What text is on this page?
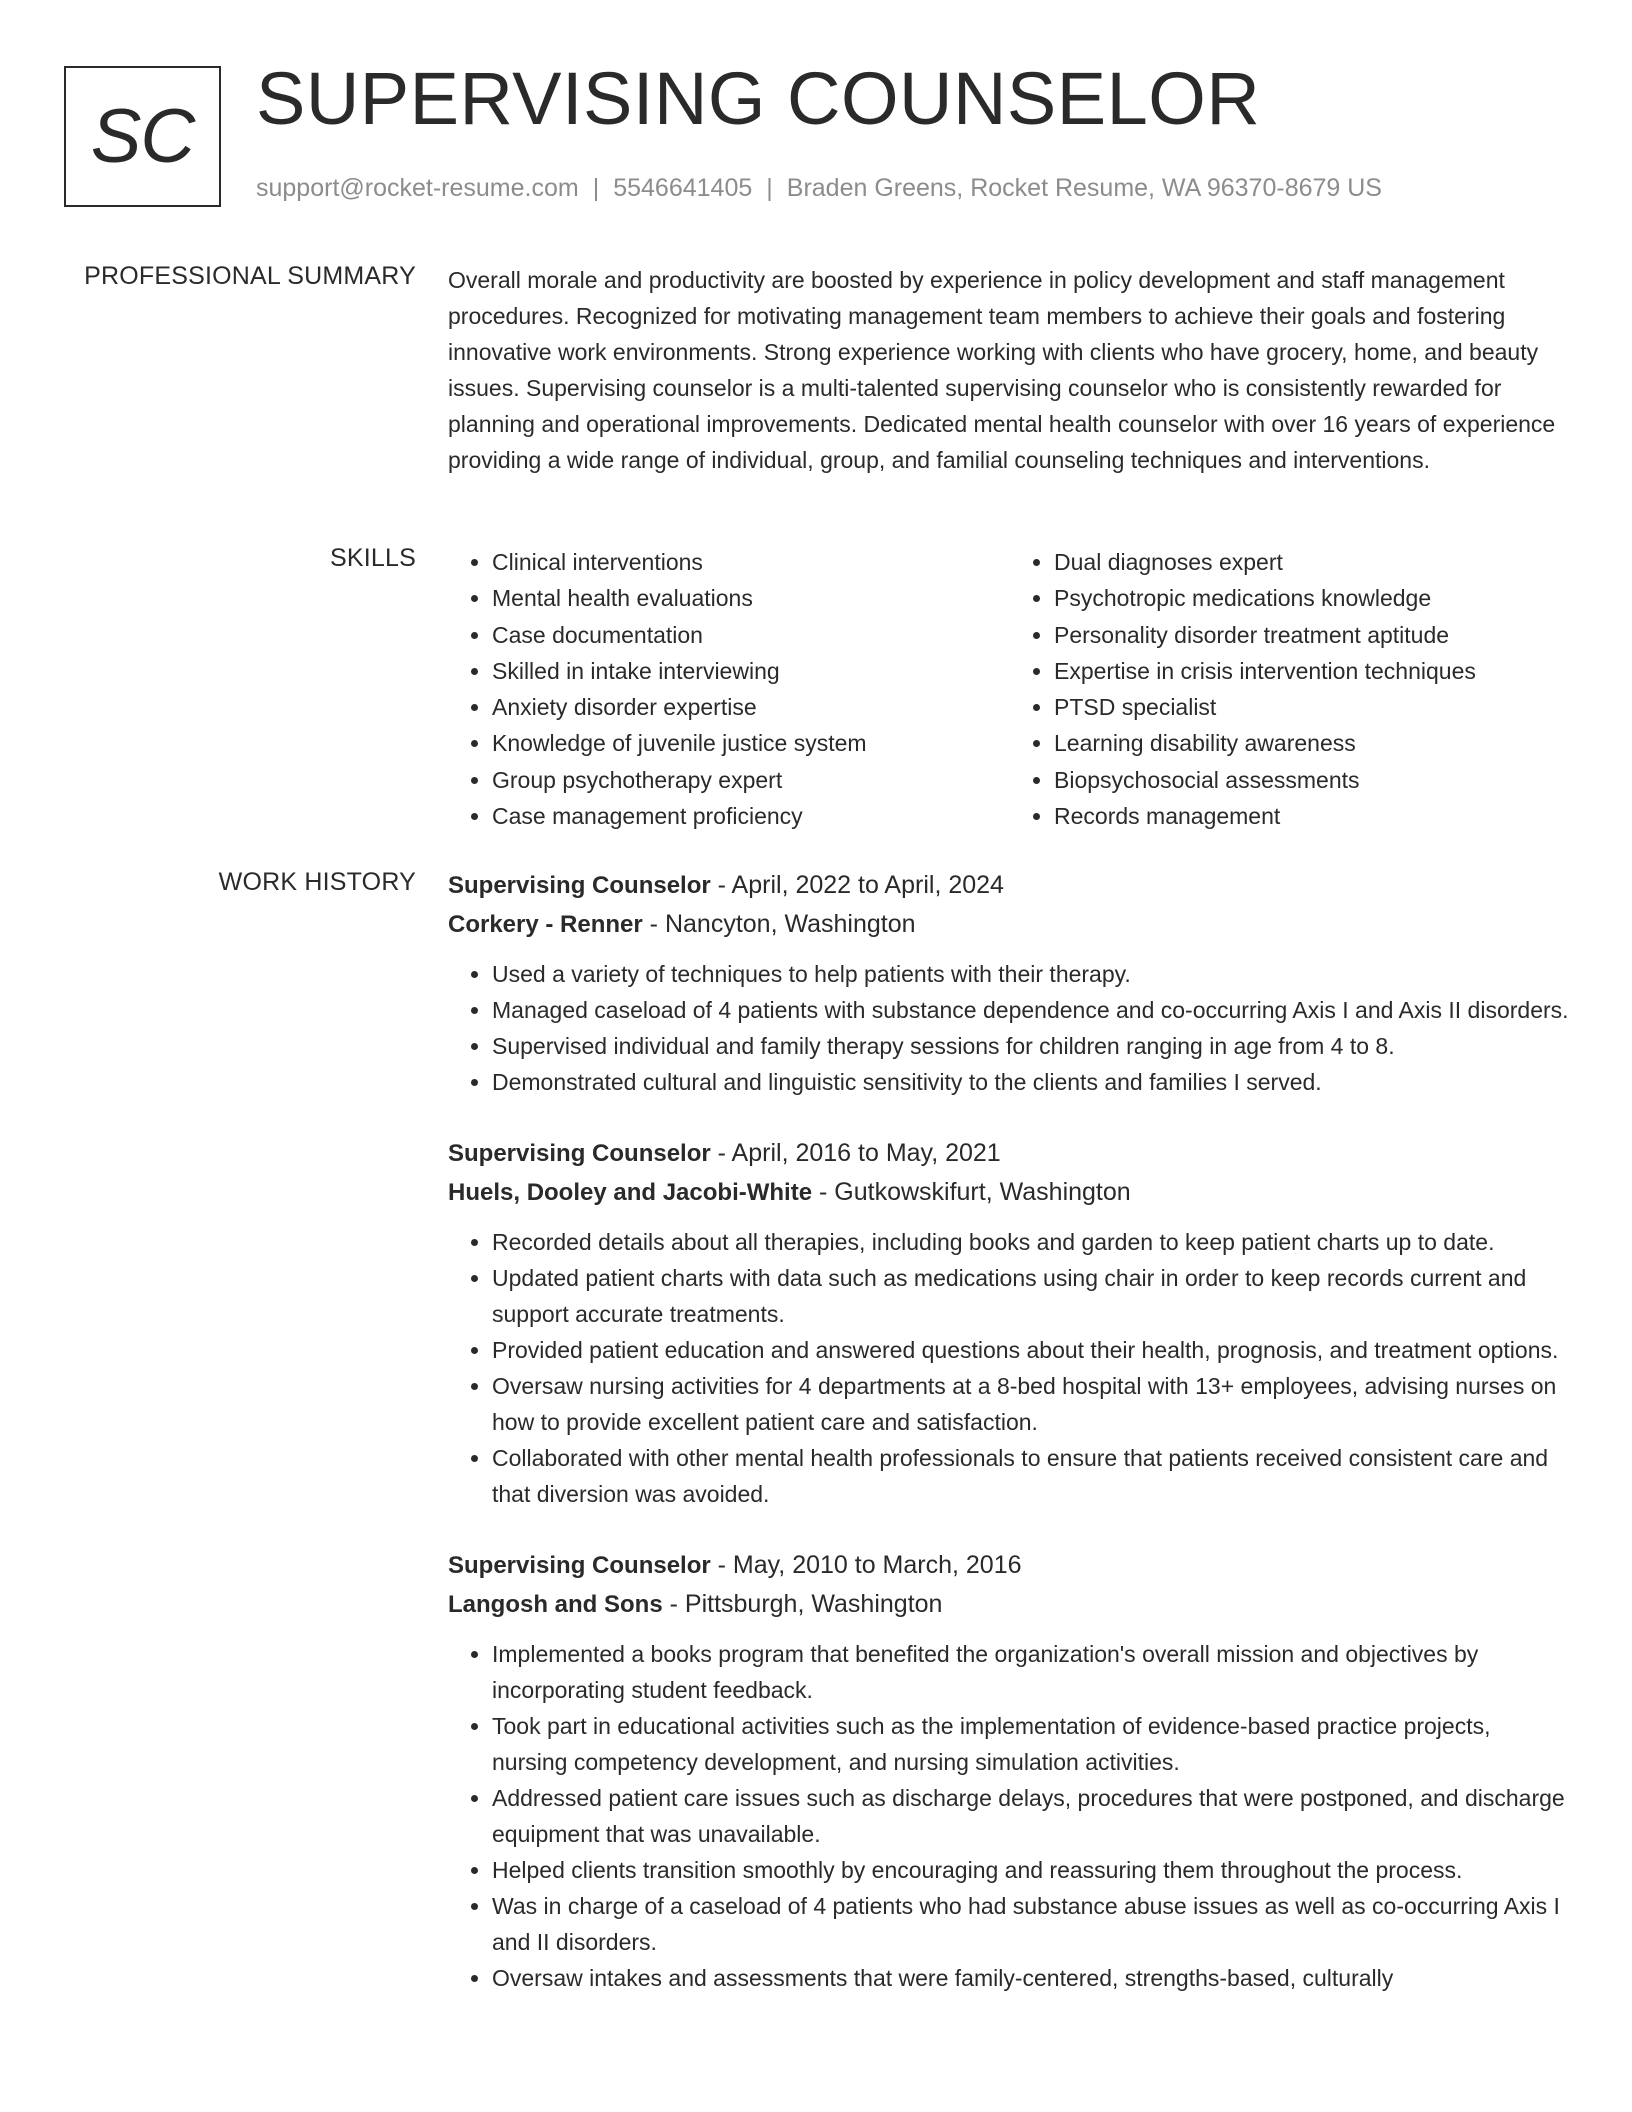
SC SUPERVISING COUNSELOR
support@rocket-resume.com | 5546641405 | Braden Greens, Rocket Resume, WA 96370-8679 US
PROFESSIONAL SUMMARY Overall morale and productivity are boosted by experience in policy development and staff management procedures. Recognized for motivating management team members to achieve their goals and fostering innovative work environments. Strong experience working with clients who have grocery, home, and beauty issues. Supervising counselor is a multi-talented supervising counselor who is consistently rewarded for planning and operational improvements. Dedicated mental health counselor with over 16 years of experience providing a wide range of individual, group, and familial counseling techniques and interventions.

SKILLS
•	Clinical interventions
• Mental health evaluations
• Case documentation
• Skilled in intake interviewing
• Anxiety disorder expertise
• Knowledge of juvenile justice system
• Group psychotherapy expert
• Case management proficiency
• Dual diagnoses expert
• Psychotropic medications knowledge
• Personality disorder treatment aptitude
• Expertise in crisis intervention techniques
• PTSD specialist
• Learning disability awareness
• Biopsychosocial assessments
• Records management
WORK HISTORY Supervising Counselor - April, 2022 to April, 2024
Corkery - Renner - Nancyton, Washington
• Used a variety of techniques to help patients with their therapy.
• Managed caseload of 4 patients with substance dependence and co-occurring Axis I and Axis II disorders.
• Supervised individual and family therapy sessions for children ranging in age from 4 to 8.
• Demonstrated cultural and linguistic sensitivity to the clients and families I served.
Supervising Counselor - April, 2016 to May, 2021
Huels, Dooley and Jacobi-White - Gutkowskifurt, Washington
• Recorded details about all therapies, including books and garden to keep patient charts up to date.
• Updated patient charts with data such as medications using chair in order to keep records current and support accurate treatments.
• Provided patient education and answered questions about their health, prognosis, and treatment options.
• Oversaw nursing activities for 4 departments at a 8-bed hospital with 13+ employees, advising nurses on how to provide excellent patient care and satisfaction.
• Collaborated with other mental health professionals to ensure that patients received consistent care and that diversion was avoided.
Supervising Counselor - May, 2010 to March, 2016
Langosh and Sons - Pittsburgh, Washington
• Implemented a books program that benefited the organization's overall mission and objectives by incorporating student feedback.
• Took part in educational activities such as the implementation of evidence-based practice projects, nursing competency development, and nursing simulation activities.
• Addressed patient care issues such as discharge delays, procedures that were postponed, and discharge equipment that was unavailable.
• Helped clients transition smoothly by encouraging and reassuring them throughout the process.
• Was in charge of a caseload of 4 patients who had substance abuse issues as well as co-occurring Axis I and II disorders.
• Oversaw intakes and assessments that were family-centered, strengths-based, culturally
